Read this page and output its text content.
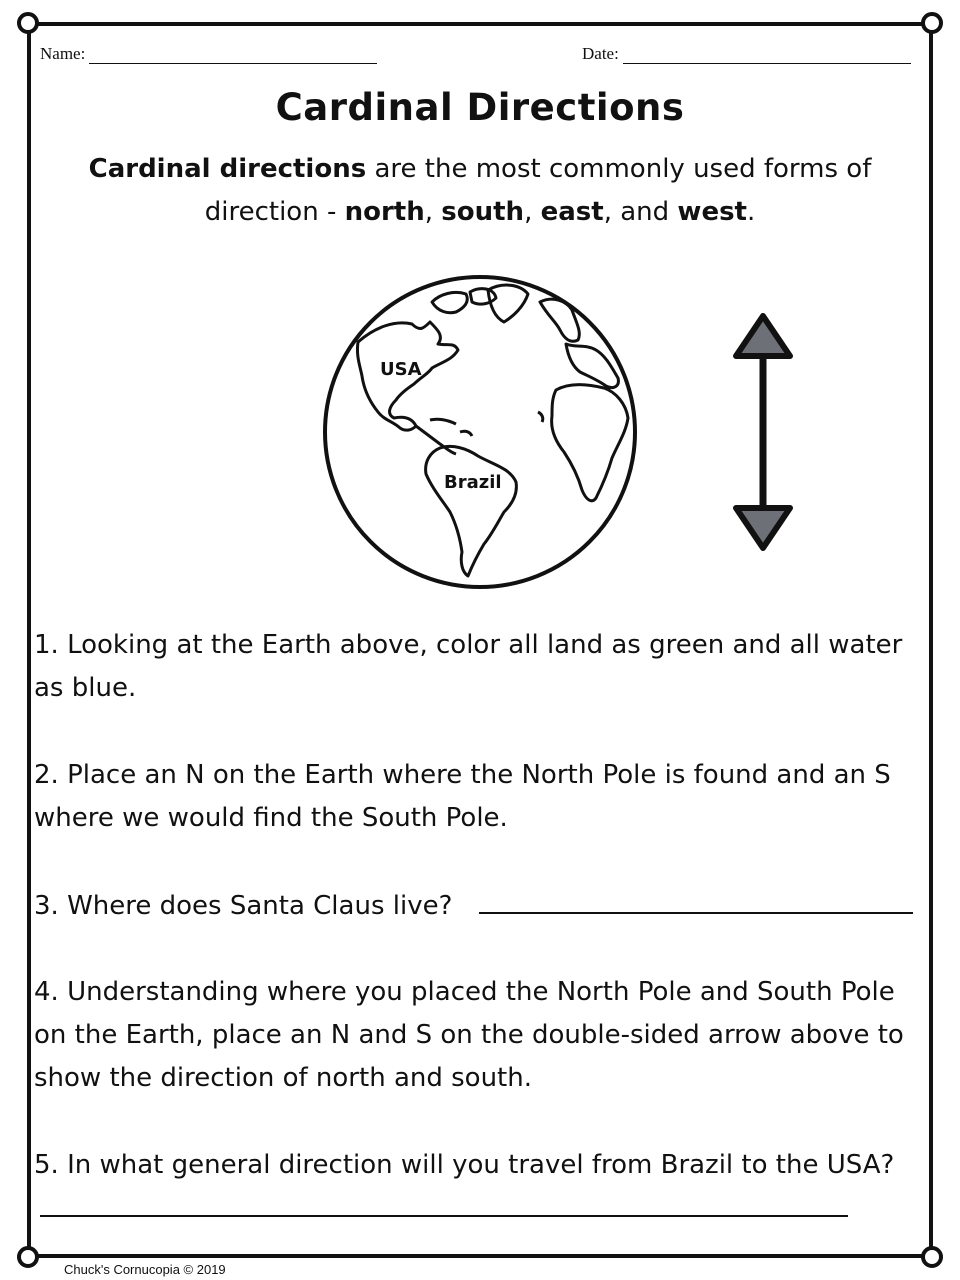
Name:	Date:
Cardinal Directions
Cardinal directions are the most commonly used forms of direction - north, south, east, and west.
USA
Brazil
1. Looking at the Earth above, color all land as green and all water as blue.
2. Place an N on the Earth where the North Pole is found and an S where we would find the South Pole.
3. Where does Santa Claus live?
4. Understanding where you placed the North Pole and South Pole on the Earth, place an N and S on the double-sided arrow above to show the direction of north and south.
5. In what general direction will you travel from Brazil to the USA?
Chuck's Cornucopia © 2019
